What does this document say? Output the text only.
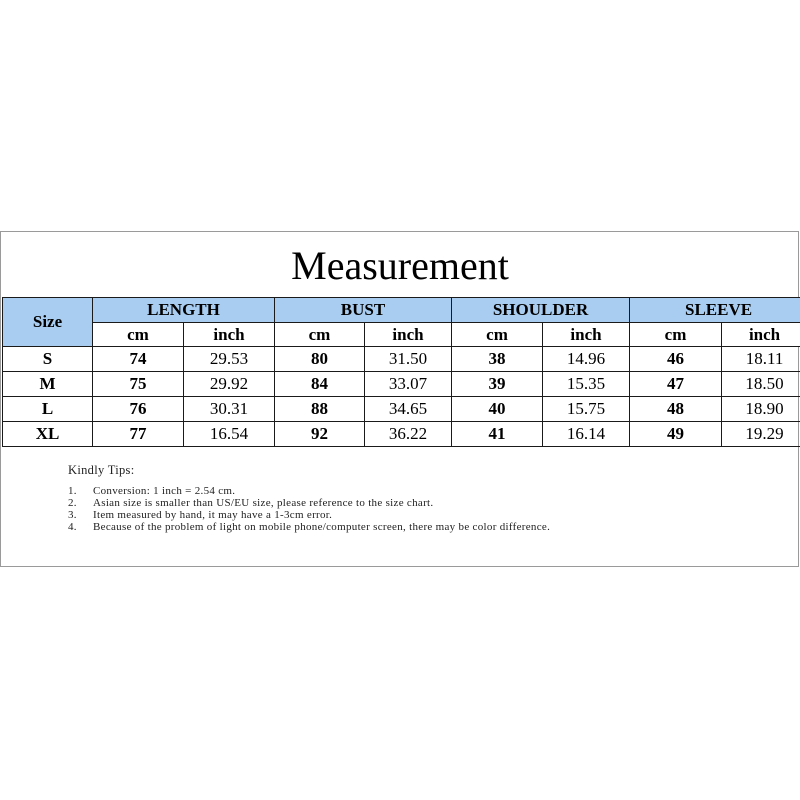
Measurement
Size	LENGTH		BUST		SHOULDER		SLEEVE	
	cm	inch	cm	inch	cm	inch	cm	inch
S	74	29.53	80	31.50	38	14.96	46	18.11
M	75	29.92	84	33.07	39	15.35	47	18.50
L	76	30.31	88	34.65	40	15.75	48	18.90
XL	77	16.54	92	36.22	41	16.14	49	19.29
Kindly Tips:
1.	Conversion: 1 inch = 2.54 cm.
2.	Asian size is smaller than US/EU size, please reference to the size chart.
3.	Item measured by hand, it may have a 1-3cm error.
4.	Because of the problem of light on mobile phone/computer screen, there may be color difference.
